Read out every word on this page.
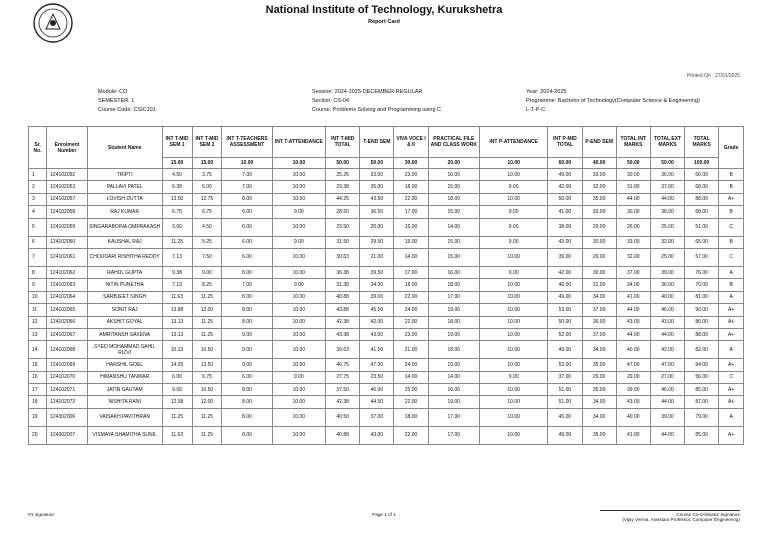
National Institute of Technology, Kurukshetra
Report Card
Printed On : 27/01/2025
Module: CO
SEMESTER: 1
Course Code: CSIC101
Session: 2024-2025-DECEMBER-REGULAR
Section: CS-04
Course: Problems Solving and Programming using C
Year: 2024-2025
Programme: Bachelor of Technology(Computer Science & Engineering)
L-T-P-C:
Sr. No.	Enrolment Number	Student Name	INT T-MID SEM 1	INT T-MID SEM 2	INT T-TEACHERS ASSESSMENT	INT T-ATTENDANCE	INT T-MID TOTAL	T-END SEM	VIVA VOCE I & II	PRACTICAL FILE AND CLASS WORK	INT P-ATTENDANCE	INT P-MID TOTAL	P-END SEM	TOTAL INT MARKS	TOTAL EXT MARKS	TOTAL MARKS	Grade
			15.00	15.00	10.00	10.00	50.00	50.00	30.00	20.00	10.00	60.00	40.00	50.00	50.00	100.00	
1	124102052	TRIPTI	4.50	3.75	7.00	10.00	25.25	33.00	23.00	16.00	10.00	49.00	33.00	30.00	36.00	66.00	B
2	124102053	PALLAVI PATEL	6.38	6.00	7.00	10.00	29.38	35.00	18.00	15.00	9.00	42.00	32.00	31.00	37.00	68.00	B
3	124102057	LOVISH DUTTA	13.50	12.75	8.00	10.00	44.25	43.50	22.00	18.00	10.00	50.00	35.00	44.00	44.00	88.00	A+
4	124102058	RAJ KUMAR	6.75	6.75	6.00	9.00	28.50	36.50	17.00	15.00	9.00	41.00	33.00	30.00	38.00	68.00	B
5	124102059	SINGARABOINA OMPRAKASH	3.00	4.50	6.00	10.00	23.50	20.00	15.00	14.00	9.00	38.00	29.00	26.00	25.00	51.00	C
6	124102060	KAUSHAL RAJ	11.25	5.25	6.00	9.00	31.50	29.50	19.00	15.00	9.00	43.00	30.00	33.00	32.00	65.00	B
7	124102061	CHOUDARI RISHITHA REDDY	7.13	7.50	6.00	10.00	30.63	21.00	14.00	15.00	10.00	39.00	29.00	32.00	25.00	57.00	C
8	124102062	RAHUL GUPTA	9.38	9.00	8.00	10.00	36.38	39.50	17.00	16.00	9.00	42.00	30.00	37.00	39.00	76.00	A
9	124102063	NITIN PUNETHA	7.13	8.25	7.00	9.00	31.38	34.00	18.00	18.00	10.00	46.00	31.00	34.00	36.00	70.00	B
10	124102064	SARBJEET SINGH	11.63	11.25	8.00	10.00	40.88	39.00	22.00	17.00	10.00	49.00	34.00	41.00	40.00	81.00	A
11	124102065	SONIT RAJ	13.88	12.00	8.00	10.00	43.88	45.50	24.00	19.00	10.00	53.00	37.00	44.00	46.00	90.00	A+
12	124102066	AKSHIT GOYAL	13.13	11.25	8.00	10.00	42.38	42.00	22.00	18.00	10.00	50.00	36.00	43.00	43.00	86.00	A+
13	124102067	AMRITANSH SAXENA	13.13	11.25	9.00	10.00	43.38	43.00	23.00	19.00	10.00	52.00	37.00	44.00	44.00	88.00	A+
14	124102068	SYED MOHAMMAD SAHIL RIZVI	10.13	10.50	9.00	10.00	39.63	41.50	21.00	18.00	10.00	49.00	34.00	40.00	42.00	82.00	A
15	124102069	HARSHIL GOEL	14.25	13.50	9.00	10.00	46.75	47.00	24.00	19.00	10.00	53.00	35.00	47.00	47.00	94.00	A+
16	124102070	HIMANSHU TANWAR	6.00	6.75	6.00	9.00	27.75	23.50	14.00	14.00	9.00	37.00	29.00	29.00	27.00	56.00	C
17	124102071	JATIN GAUTAM	9.00	10.50	8.00	10.00	37.50	46.00	25.00	16.00	10.00	51.00	35.00	39.00	46.00	85.00	A+
18	124102072	NISHITA RANI	12.38	12.00	8.00	10.00	42.38	44.50	22.00	19.00	10.00	51.00	34.00	43.00	44.00	87.00	A+
19	124302006	VAISAKH PAVITHRAN	11.25	11.25	8.00	10.00	40.50	37.00	18.00	17.00	10.00	45.00	34.00	40.00	39.00	79.00	A
20	124302007	VISMAYA SHAMITHA SUNIL	11.63	11.25	8.00	10.00	40.88	43.00	22.00	17.00	10.00	49.00	35.00	41.00	44.00	85.00	A+
0's signature	Page 1 of 1	Course Co-Ordinator Signature
(Vijay Verma, Assistant Professor, Computer Engineering)
